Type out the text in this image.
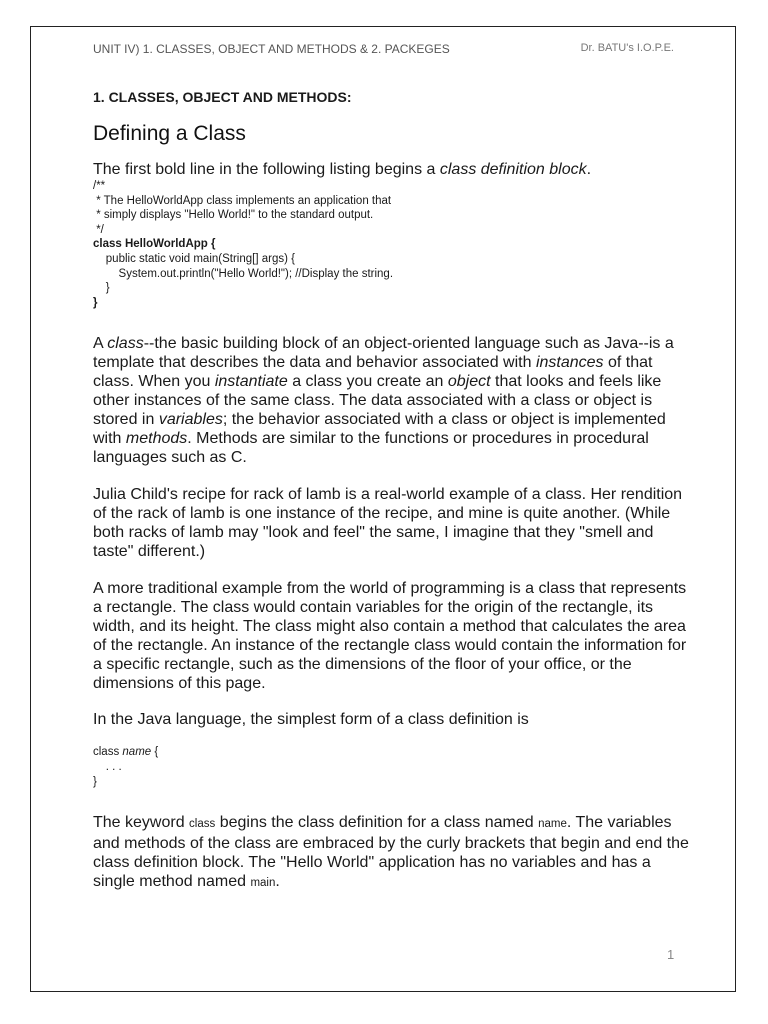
UNIT IV) 1. CLASSES, OBJECT AND METHODS & 2. PACKEGES	Dr. BATU's I.O.P.E.

1. CLASSES, OBJECT AND METHODS:

Defining a Class

The first bold line in the following listing begins a class definition block.

/**
* The HelloWorldApp class implements an application that
* simply displays "Hello World!" to the standard output.
*/
class HelloWorldApp {
public static void main(String[] args) {
System.out.println("Hello World!"); //Display the string.
}
}

A class--the basic building block of an object-oriented language such as Java--is a template that describes the data and behavior associated with instances of that class. When you instantiate a class you create an object that looks and feels like other instances of the same class. The data associated with a class or object is stored in variables; the behavior associated with a class or object is implemented with methods. Methods are similar to the functions or procedures in procedural languages such as C.

Julia Child's recipe for rack of lamb is a real-world example of a class. Her rendition of the rack of lamb is one instance of the recipe, and mine is quite another. (While both racks of lamb may "look and feel" the same, I imagine that they "smell and taste" different.)

A more traditional example from the world of programming is a class that represents a rectangle. The class would contain variables for the origin of the rectangle, its width, and its height. The class might also contain a method that calculates the area of the rectangle. An instance of the rectangle class would contain the information for a specific rectangle, such as the dimensions of the floor of your office, or the dimensions of this page.

In the Java language, the simplest form of a class definition is

class name {
. . .
}

The keyword class begins the class definition for a class named name. The variables and methods of the class are embraced by the curly brackets that begin and end the class definition block. The "Hello World" application has no variables and has a single method named main.

1
